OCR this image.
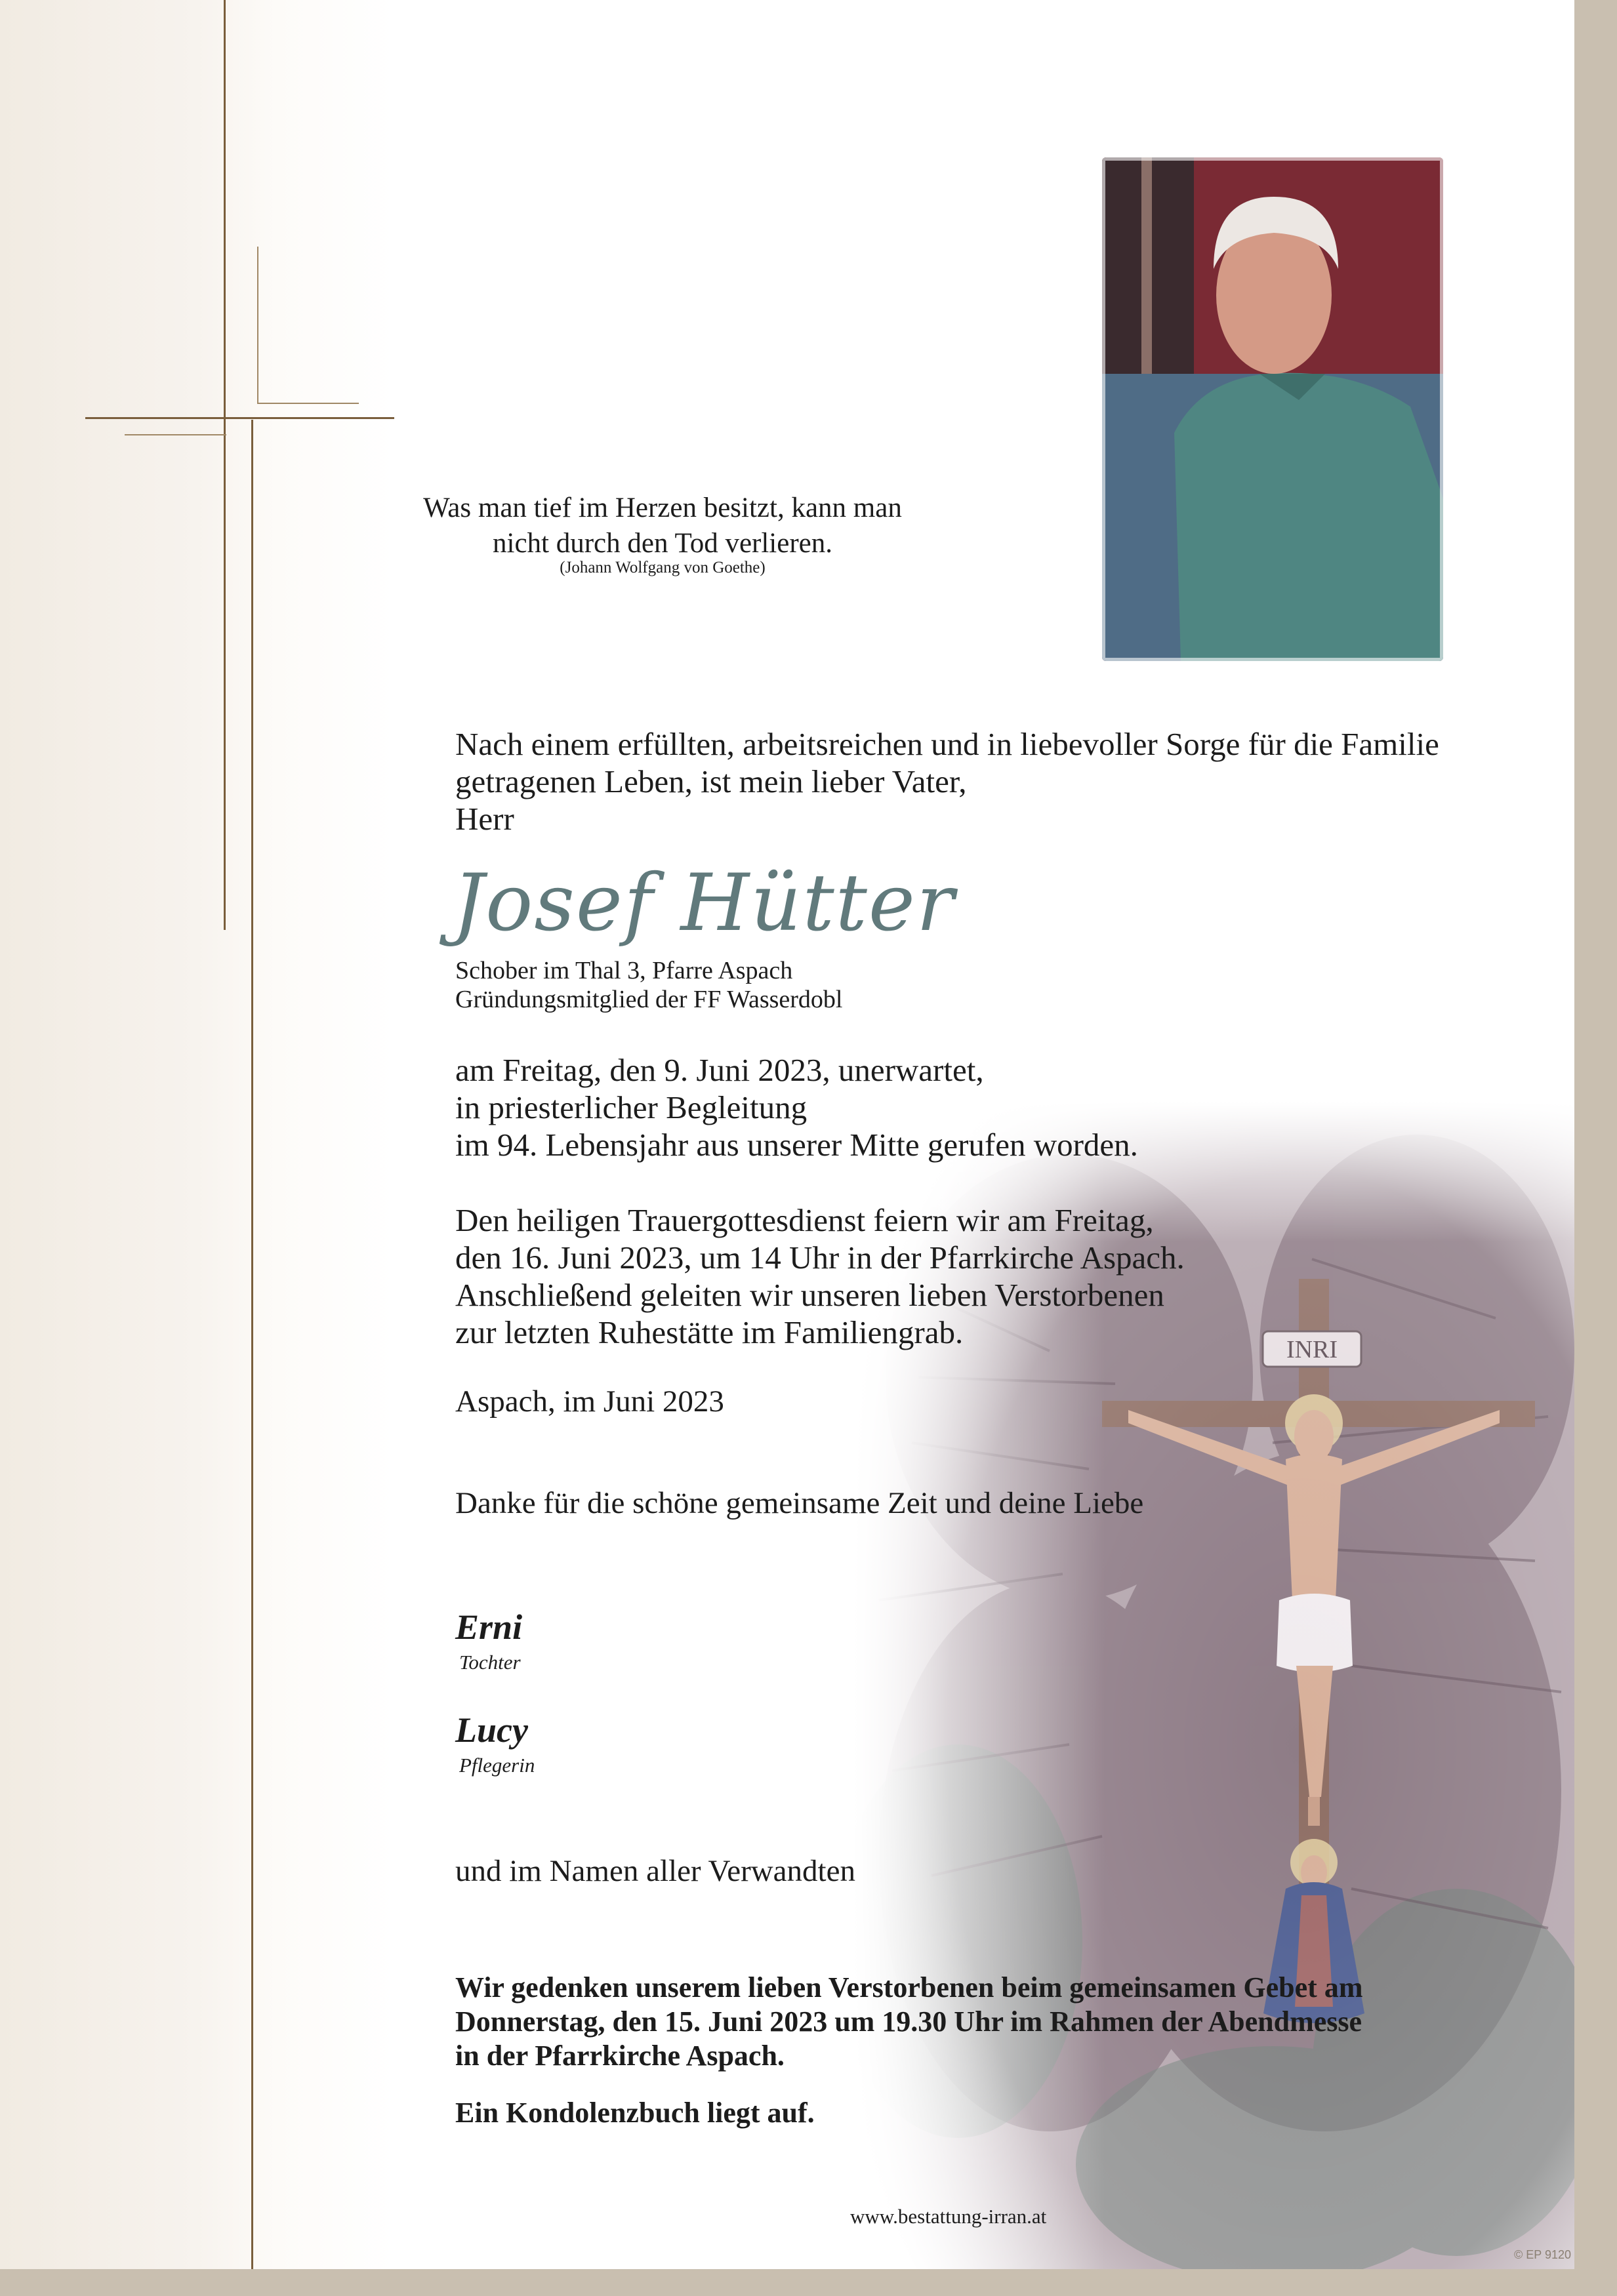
Was man tief im Herzen besitzt, kann man
nicht durch den Tod verlieren.

(Johann Wolfgang von Goethe)

Nach einem erfüllten, arbeitsreichen und in liebevoller Sorge für die Familie
getragenen Leben, ist mein lieber Vater,
Herr
Josef Hütter
Schober im Thal 3, Pfarre Aspach
Gründungsmitglied der FF Wasserdobl
am Freitag, den 9. Juni 2023, unerwartet,
in priesterlicher Begleitung
im 94. Lebensjahr aus unserer Mitte gerufen worden.
Den heiligen Trauergottesdienst feiern wir am Freitag,
den 16. Juni 2023, um 14 Uhr in der Pfarrkirche Aspach.
Anschließend geleiten wir unseren lieben Verstorbenen
zur letzten Ruhestätte im Familiengrab.
Aspach, im Juni 2023
Danke für die schöne gemeinsame Zeit und deine Liebe
Erni
Tochter
Lucy
Pflegerin
und im Namen aller Verwandten
Wir gedenken unserem lieben Verstorbenen beim gemeinsamen Gebet am
Donnerstag, den 15. Juni 2023 um 19.30 Uhr im Rahmen der Abendmesse
in der Pfarrkirche Aspach.
Ein Kondolenzbuch liegt auf.
www.bestattung-irran.at
© EP 9120
